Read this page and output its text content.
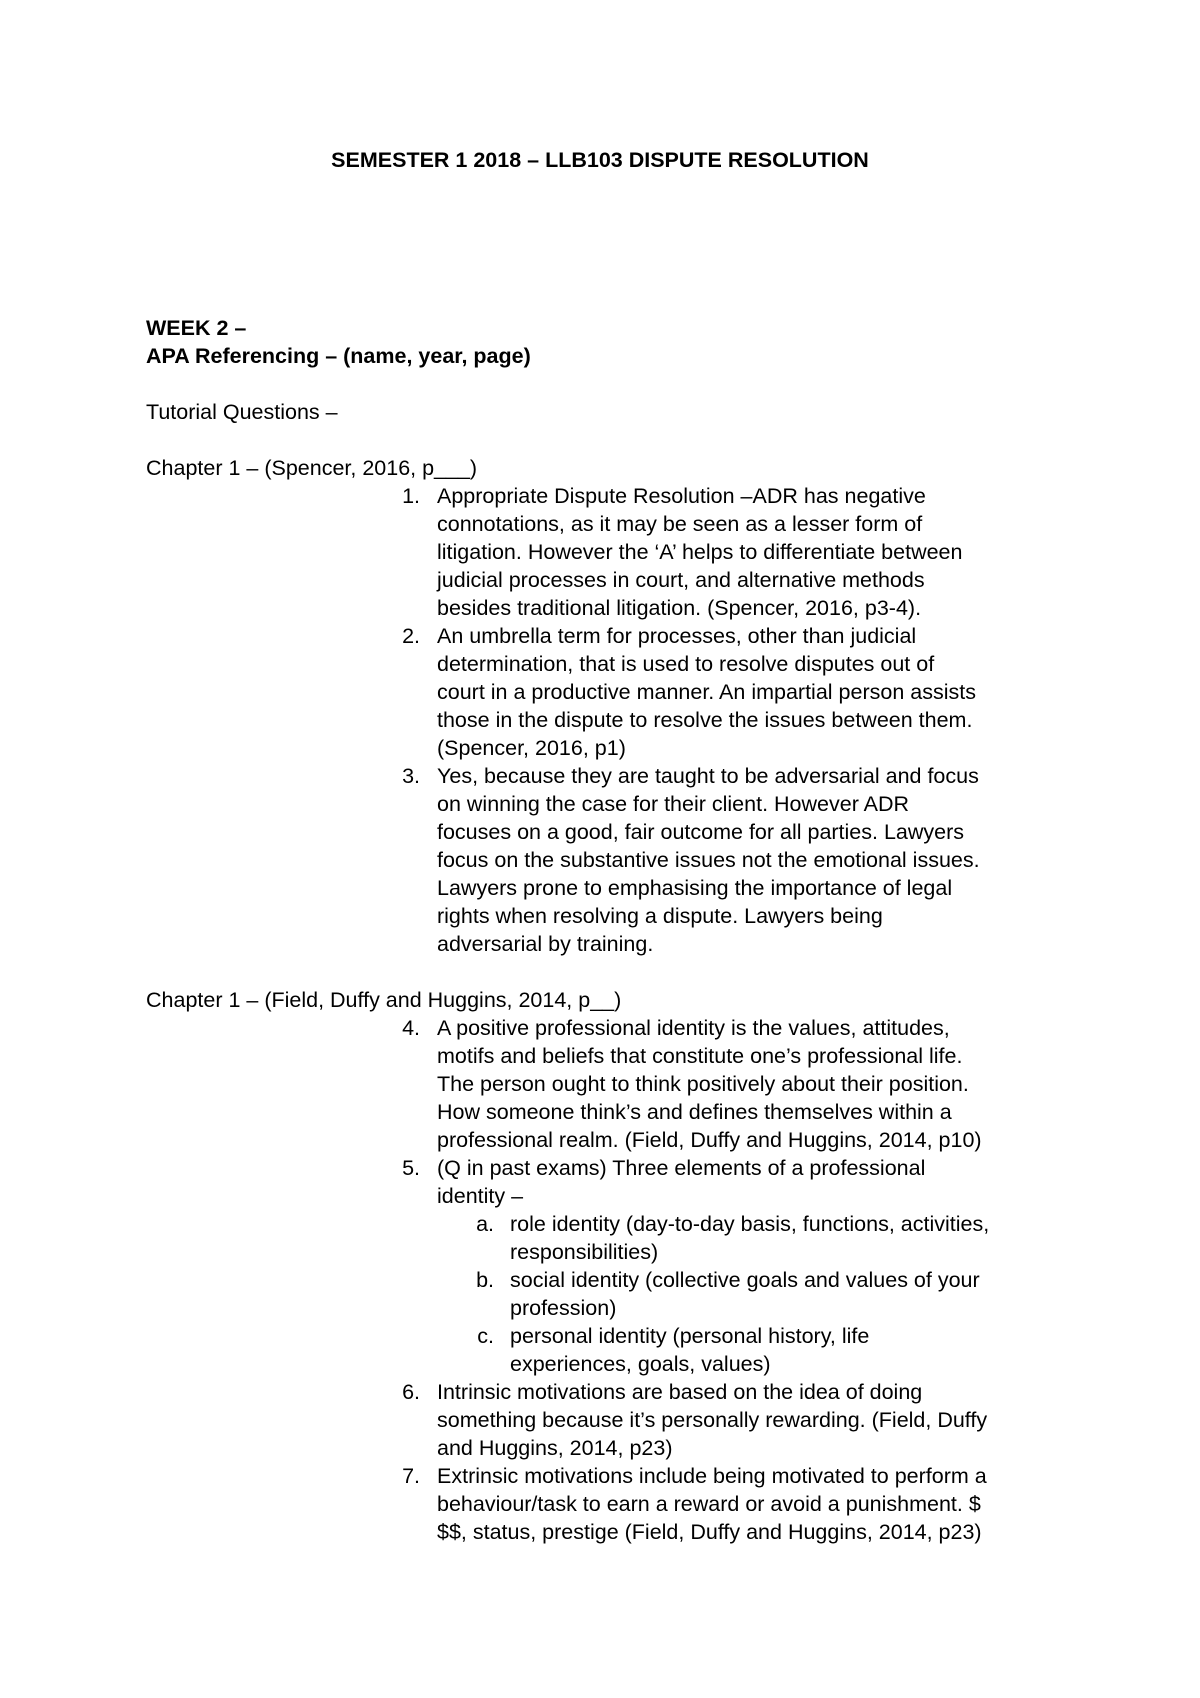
SEMESTER 1 2018 – LLB103 DISPUTE RESOLUTION
WEEK 2 –
APA Referencing – (name, year, page)
Tutorial Questions –
Chapter 1 – (Spencer, 2016, p___)
1. Appropriate Dispute Resolution –ADR has negative
connotations, as it may be seen as a lesser form of
litigation. However the ‘A’ helps to differentiate between
judicial processes in court, and alternative methods
besides traditional litigation. (Spencer, 2016, p3-4).
2. An umbrella term for processes, other than judicial
determination, that is used to resolve disputes out of
court in a productive manner. An impartial person assists
those in the dispute to resolve the issues between them.
(Spencer, 2016, p1)
3. Yes, because they are taught to be adversarial and focus
on winning the case for their client. However ADR
focuses on a good, fair outcome for all parties. Lawyers
focus on the substantive issues not the emotional issues.
Lawyers prone to emphasising the importance of legal
rights when resolving a dispute. Lawyers being
adversarial by training.
Chapter 1 – (Field, Duffy and Huggins, 2014, p__)
4. A positive professional identity is the values, attitudes,
motifs and beliefs that constitute one’s professional life.
The person ought to think positively about their position.
How someone think’s and defines themselves within a
professional realm. (Field, Duffy and Huggins, 2014, p10)
5. (Q in past exams) Three elements of a professional
identity –
a. role identity (day-to-day basis, functions, activities,
responsibilities)
b. social identity (collective goals and values of your
profession)
c. personal identity (personal history, life
experiences, goals, values)
6. Intrinsic motivations are based on the idea of doing
something because it’s personally rewarding. (Field, Duffy
and Huggins, 2014, p23)
7. Extrinsic motivations include being motivated to perform a
behaviour/task to earn a reward or avoid a punishment. $
$$, status, prestige (Field, Duffy and Huggins, 2014, p23)
